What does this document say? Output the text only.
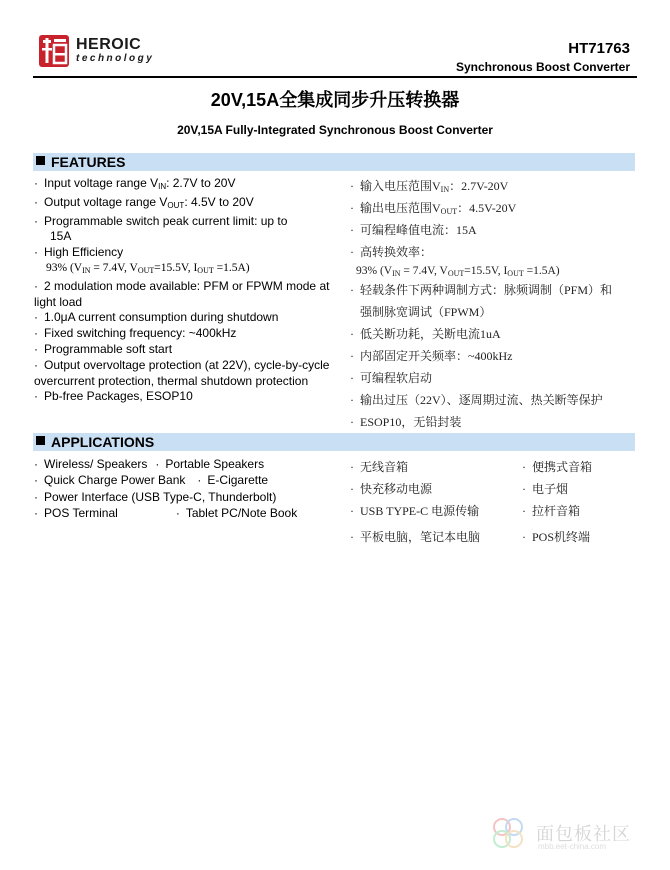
HEROIC
technology
HT71763
Synchronous Boost Converter
20V,15A全集成同步升压转换器
20V,15A Fully-Integrated Synchronous Boost Converter
FEATURES
· Input voltage range $V_{IN}$: 2.7V to 20V
· Output voltage range $V_{OUT}$: 4.5V to 20V
· Programmable switch peak current limit: up to
15A
· High Efficiency
93% ($V_{IN} = 7.4V$, $V_{OUT}=15.5V$, $I_{OUT} =1.5A$)
· 2 modulation mode available: PFM or FPWM mode at light load
· 1.0μA current consumption during shutdown
· Fixed switching frequency: ~400kHz
· Programmable soft start
· Output overvoltage protection (at 22V), cycle-by-cycle overcurrent protection, thermal shutdown protection
· Pb-free Packages, ESOP10
· 输入电压范围$V_{IN}$：2.7V-20V
· 输出电压范围$V_{OUT}$：4.5V-20V
· 可编程峰值电流：15A
· 高转换效率：
93% ($V_{IN} = 7.4V$, $V_{OUT}=15.5V$, $I_{OUT} =1.5A$)
· 轻载条件下两种调制方式：脉频调制（PFM）和
强制脉宽调试（FPWM）
· 低关断功耗，关断电流1uA
· 内部固定开关频率：~400kHz
· 可编程软启动
· 输出过压（22V）、逐周期过流、热关断等保护
· ESOP10，无铅封装
APPLICATIONS
· Wireless/ Speakers · Portable Speakers
· Quick Charge Power Bank · E-Cigarette
· Power Interface (USB Type-C, Thunderbolt)
· POS Terminal	· Tablet PC/Note Book
· 无线音箱
· 快充移动电源
· USB TYPE-C 电源传输
· 平板电脑，笔记本电脑
· 便携式音箱
· 电子烟
· 拉杆音箱
· POS机终端
面包板社区
mbb.eet-china.com
